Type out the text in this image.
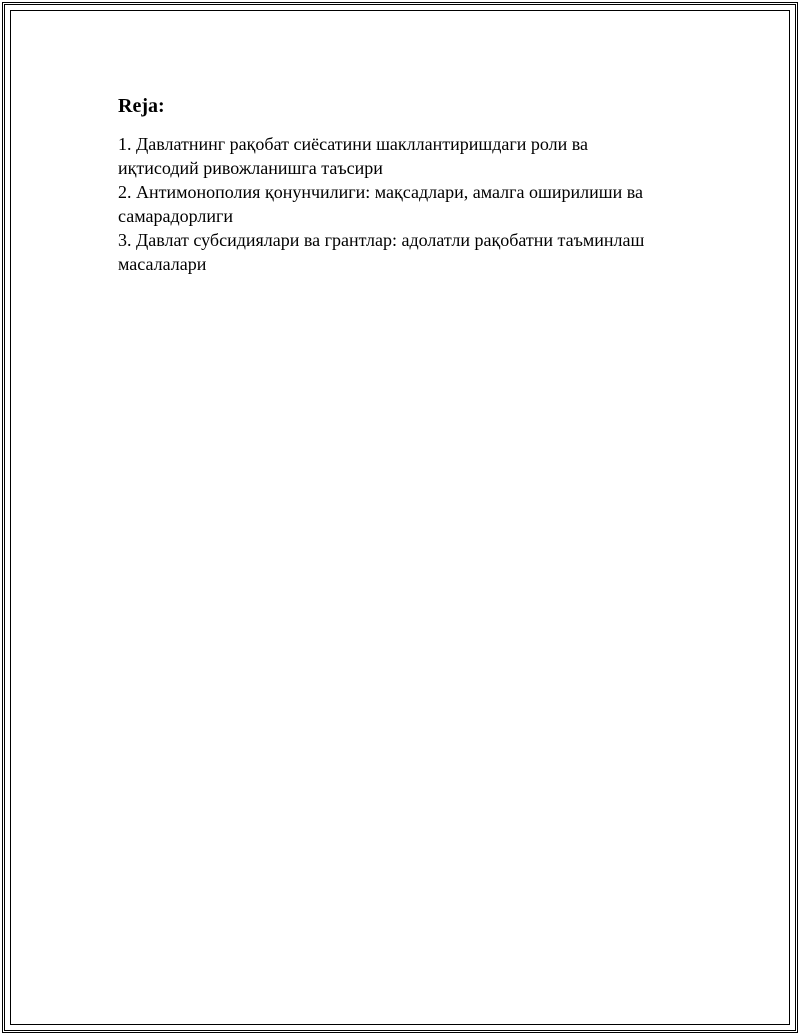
Reja:
1. Давлатнинг рақобат сиёсатини шакллантиришдаги роли ва
иқтисодий ривожланишга таъсири
2. Антимонополия қонунчилиги: мақсадлари, амалга оширилиши ва
самарадорлиги
3. Давлат субсидиялари ва грантлар: адолатли рақобатни таъминлаш
масалалари
